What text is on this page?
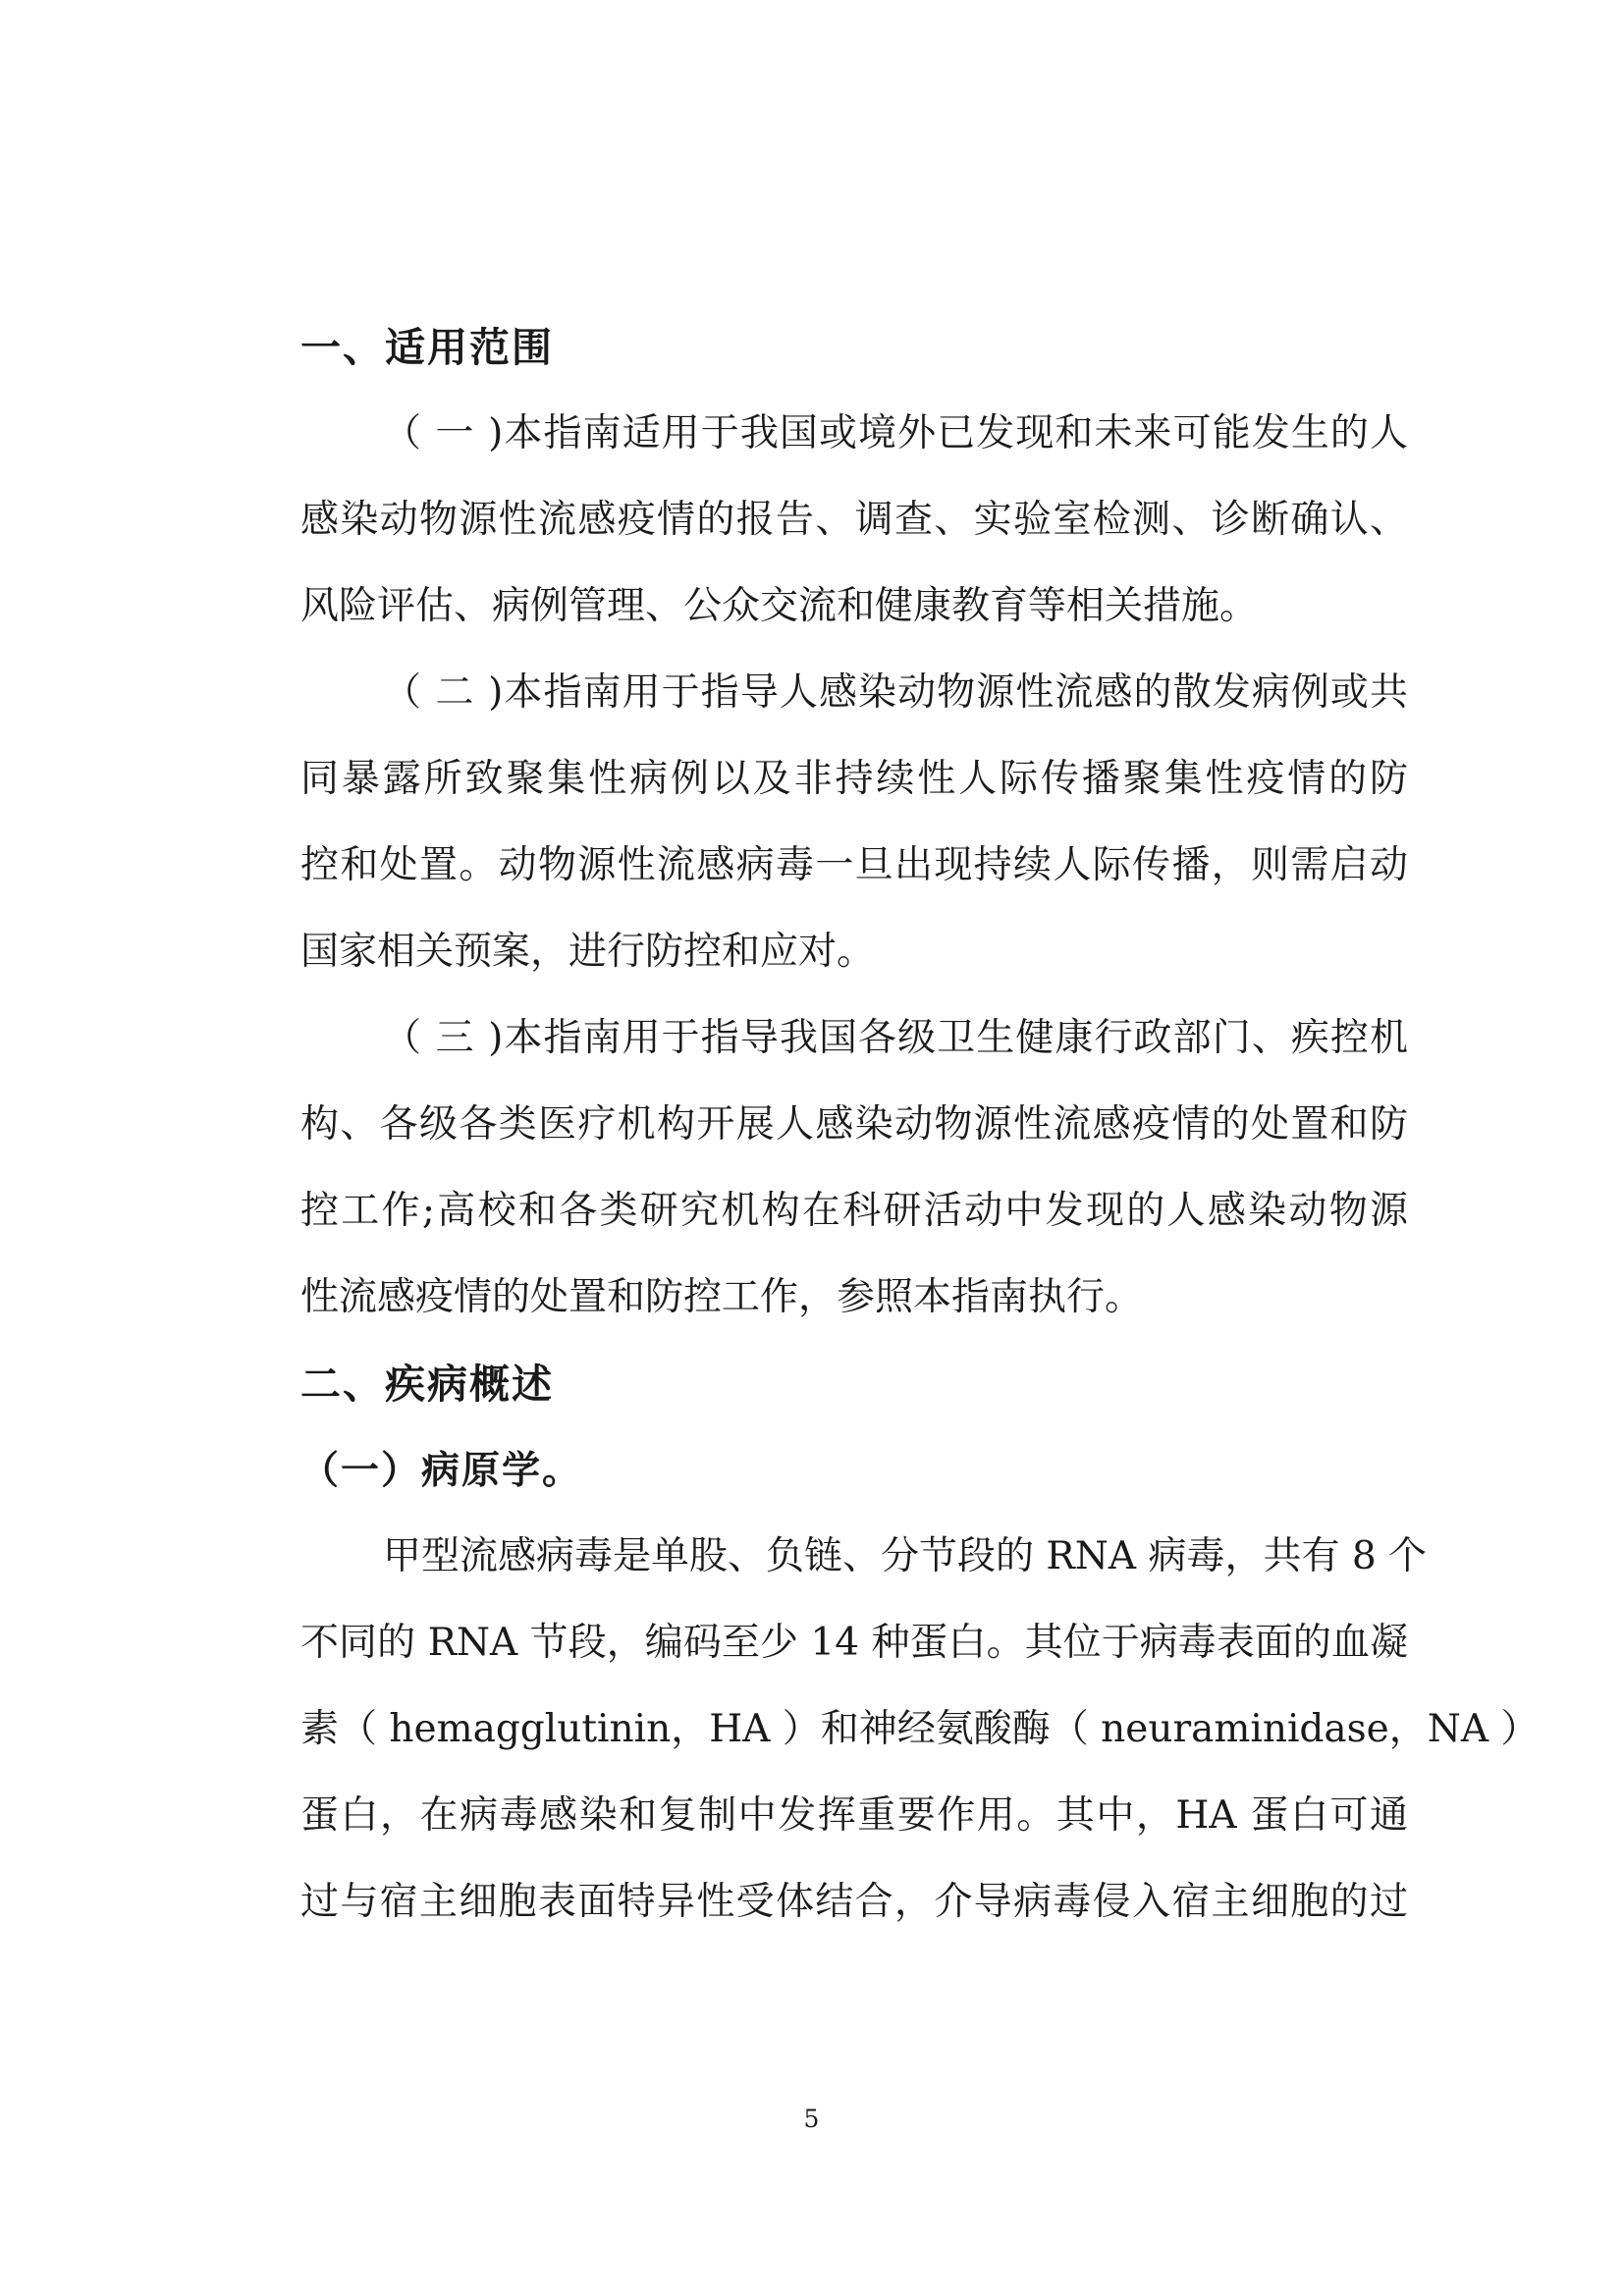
一、适用范围
（ 一 )本指南适用于我国或境外已发现和未来可能发生的人
感染动物源性流感疫情的报告、调查、实验室检测、诊断确认、
风险评估、病例管理、公众交流和健康教育等相关措施。
（ 二 )本指南用于指导人感染动物源性流感的散发病例或共
同暴露所致聚集性病例以及非持续性人际传播聚集性疫情的防
控和处置。动物源性流感病毒一旦出现持续人际传播，则需启动
国家相关预案，进行防控和应对。
（ 三 )本指南用于指导我国各级卫生健康行政部门、疾控机
构、各级各类医疗机构开展人感染动物源性流感疫情的处置和防
控工作;高校和各类研究机构在科研活动中发现的人感染动物源
性流感疫情的处置和防控工作，参照本指南执行。
二、疾病概述
（一）病原学。
甲型流感病毒是单股、负链、分节段的 RNA 病毒，共有 8 个
不同的 RNA 节段，编码至少 14 种蛋白。其位于病毒表面的血凝
素（ hemagglutinin，HA ）和神经氨酸酶（ neuraminidase，NA ）
蛋白，在病毒感染和复制中发挥重要作用。其中，HA 蛋白可通
过与宿主细胞表面特异性受体结合，介导病毒侵入宿主细胞的过
5
